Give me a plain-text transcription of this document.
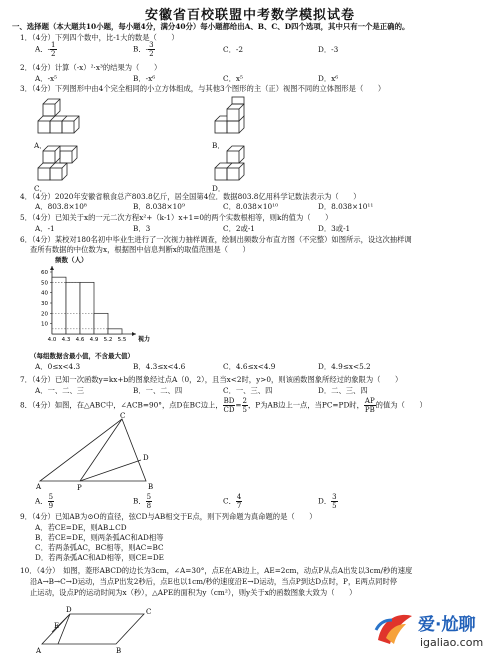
安徽省百校联盟中考数学模拟试卷
一、选择题（本大题共10小题，每小题4分，满分40分）每小题都给出A、B、C、D四个选项，其中只有一个是正确的。
1．（4分）下列四个数中，比-1大的数是（　　）
A．- $\frac{1}{2}$	B．- $\frac{3}{2}$	C．-2	D．-3
2．（4分）计算（-x）²·x³的结果为（　　）
A．-x⁵	B．-x⁶	C．x⁵	D．x⁶
3．（4分）下列图形中由4个完全相同的小立方体组成，与其他3个图形的主（正）视图不同的立体图形是（　　）
A．	B．
C．	D．
4．（4分）2020年安徽省粮食总产803.8亿斤，居全国第4位．数据803.8亿用科学记数法表示为（　　）
A．803.8×10⁸	B．8.038×10⁹	C．8.038×10¹⁰	D．8.038×10¹¹
5．（4分）已知关于x的一元二次方程x²+（k-1）x+1=0的两个实数根相等，则k的值为（　　）
A．-1	B．3	C．2或-1	D．3或-1
6．（4分）某校对180名初中毕业生进行了一次视力抽样调查，绘制出频数分布直方图（不完整）如图所示，设这次抽样调
查所有数据的中位数为x，根据图中信息判断x的取值范围是（　　）
频数（人）
10
20
30
40
50
60
4.0 4.3 4.6 4.9 5.2 5.5 视力
（每组数据含最小值，不含最大值）
A．0≤x<4.3	B．4.3≤x<4.6	C．4.6≤x<4.9	D．4.9≤x<5.2
7．（4分）已知一次函数y=kx+b的图象经过点A（0，2），且当x<2时，y>0，则该函数图象所经过的象限为（　　）
A．一、二、三	B．一、二、四	C．一、三、四	D．二、三、四
8．（4分）如图，在△ABC中，∠ACB=90°，点D在BC边上， $\frac{BD}{CD} = \frac{2}{5}$ ，P为AB边上一点，当PC=PD时， $\frac{AP}{PB}$ 的值为（　　）
A	B
C
D
P
A． $\frac{5}{9}$	B． $\frac{5}{8}$	C． $\frac{4}{7}$	D． $\frac{3}{5}$
9．（4分）已知AB为⊙O的直径，弦CD与AB相交于E点，则下列命题为真命题的是（　　）
A．若CE=DE，则AB⊥CD
B．若CE=DE，则两条弧AC和AD相等
C．若两条弧AC，BC相等，则AC=BC
D．若两条弧AC和AD相等，则CE=DE
10．（4分）　如图，菱形ABCD的边长为3cm，∠A=30°，点E在AB边上，AE=2cm，动点P从点A出发以3cm/秒的速度
沿A→B→C→D运动，当点P出发2秒后，点E也以1cm/秒的速度沿E→D运动，当点P到达D点时，P，E两点同时停
止运动，设点P的运动时间为x（秒），△APE的面积为y（cm²），则y关于x的函数图象大致为（　　）
A	B
C
D
E	爱·尬聊
igaliao.com
